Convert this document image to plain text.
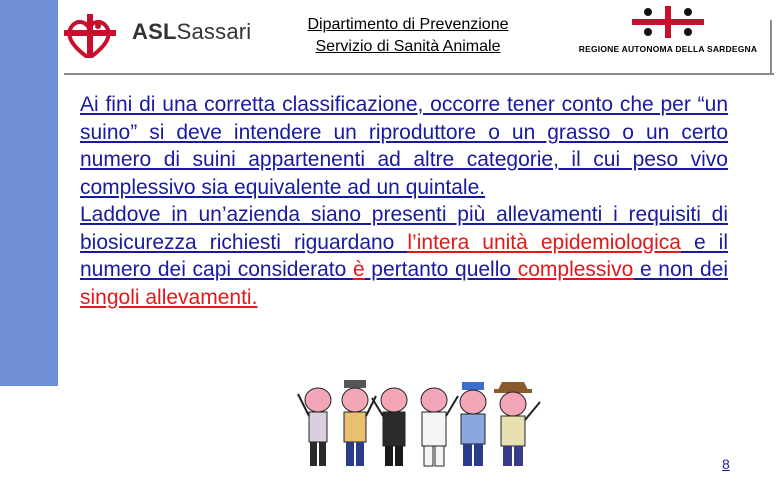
ASLSassari	Dipartimento di Prevenzione
Servizio di Sanità Animale	REGIONE AUTONOMA DELLA SARDEGNA

Ai fini di una corretta classificazione, occorre tener conto che per “un suino” si deve intendere un riproduttore o un grasso o un certo numero di suini appartenenti ad altre categorie, il cui peso vivo complessivo sia equivalente ad un quintale.

Laddove in un’azienda siano presenti più allevamenti i requisiti di biosicurezza richiesti riguardano l’intera unità epidemiologica e il numero dei capi considerato è pertanto quello complessivo e non dei singoli allevamenti.

8
